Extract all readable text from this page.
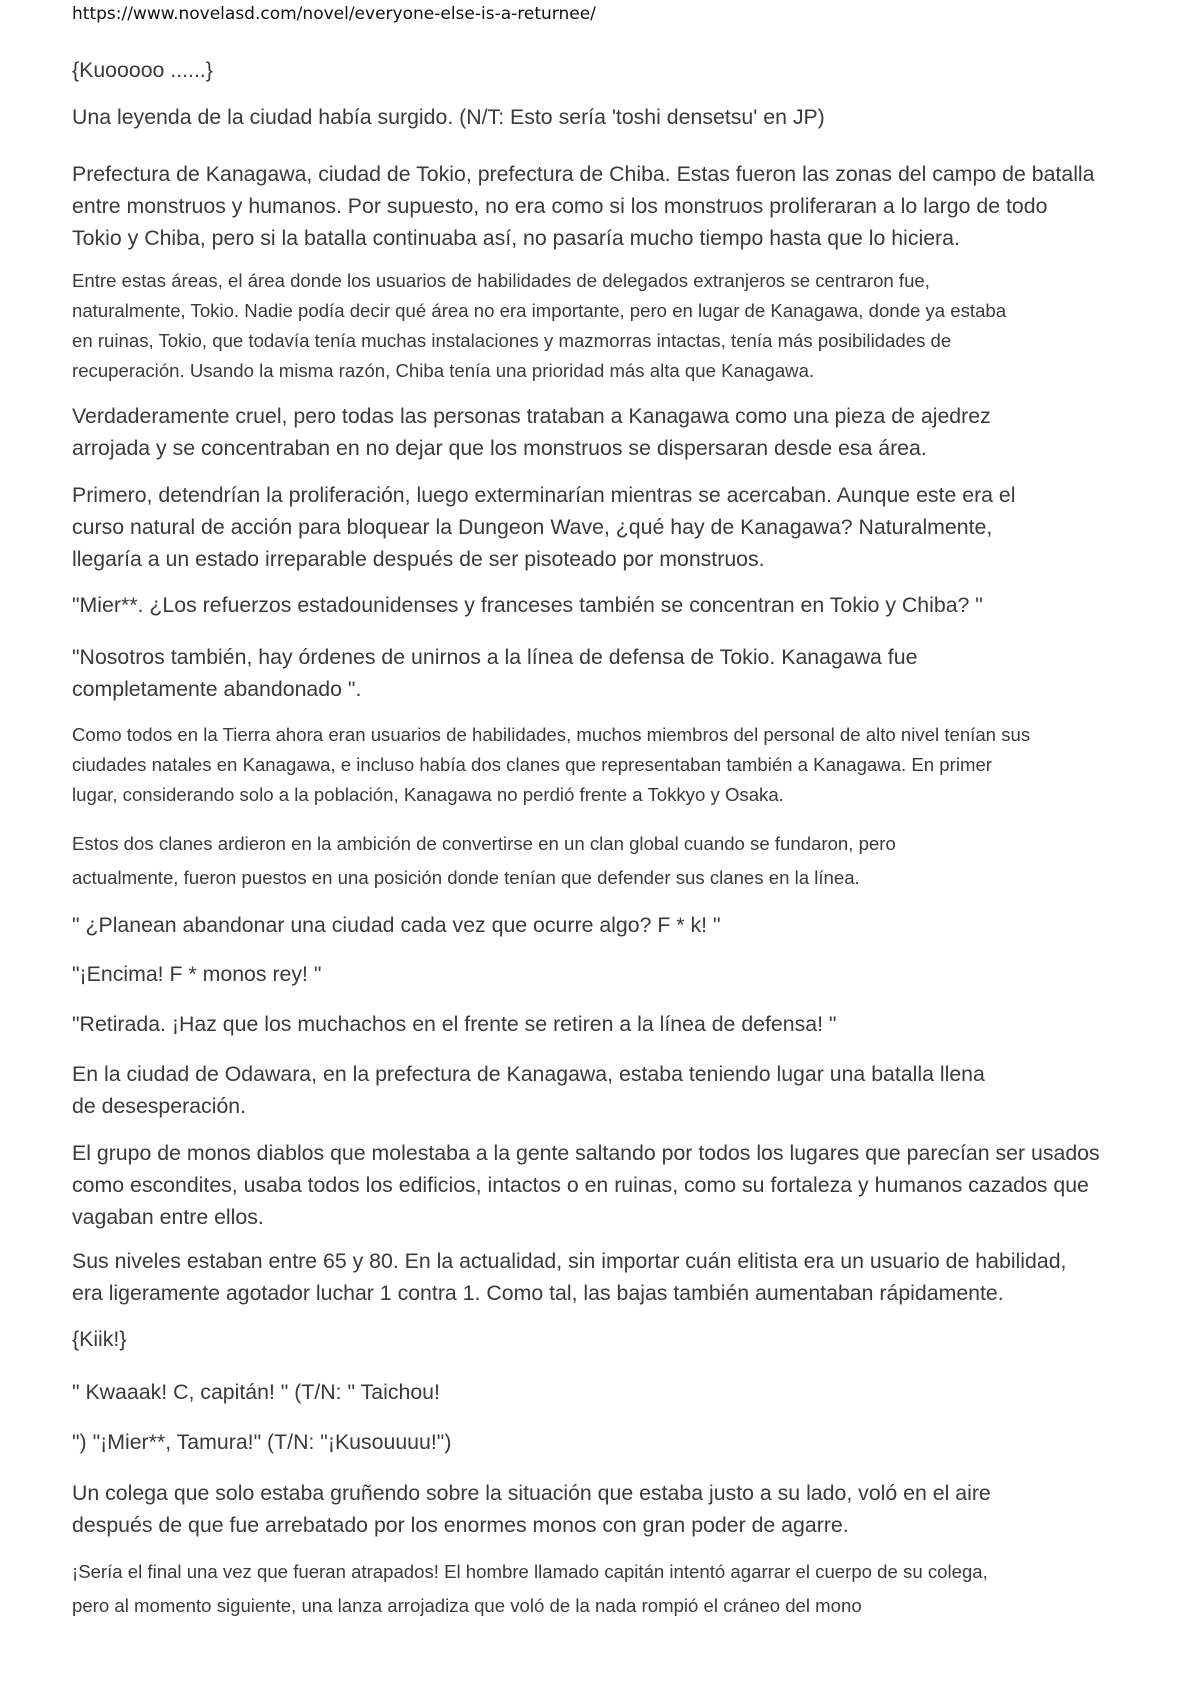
https://www.novelasd.com/novel/everyone-else-is-a-returnee/

{Kuooooo ......}

Una leyenda de la ciudad había surgido. (N/T: Esto sería 'toshi densetsu' en JP)

Prefectura de Kanagawa, ciudad de Tokio, prefectura de Chiba. Estas fueron las zonas del campo de batalla
entre monstruos y humanos. Por supuesto, no era como si los monstruos proliferaran a lo largo de todo
Tokio y Chiba, pero si la batalla continuaba así, no pasaría mucho tiempo hasta que lo hiciera.

Entre estas áreas, el área donde los usuarios de habilidades de delegados extranjeros se centraron fue,
naturalmente, Tokio. Nadie podía decir qué área no era importante, pero en lugar de Kanagawa, donde ya estaba
en ruinas, Tokio, que todavía tenía muchas instalaciones y mazmorras intactas, tenía más posibilidades de
recuperación. Usando la misma razón, Chiba tenía una prioridad más alta que Kanagawa.

Verdaderamente cruel, pero todas las personas trataban a Kanagawa como una pieza de ajedrez
arrojada y se concentraban en no dejar que los monstruos se dispersaran desde esa área.

Primero, detendrían la proliferación, luego exterminarían mientras se acercaban. Aunque este era el
curso natural de acción para bloquear la Dungeon Wave, ¿qué hay de Kanagawa? Naturalmente,
llegaría a un estado irreparable después de ser pisoteado por monstruos.

"Mier**. ¿Los refuerzos estadounidenses y franceses también se concentran en Tokio y Chiba? "

"Nosotros también, hay órdenes de unirnos a la línea de defensa de Tokio. Kanagawa fue
completamente abandonado ".

Como todos en la Tierra ahora eran usuarios de habilidades, muchos miembros del personal de alto nivel tenían sus
ciudades natales en Kanagawa, e incluso había dos clanes que representaban también a Kanagawa. En primer
lugar, considerando solo a la población, Kanagawa no perdió frente a Tokkyo y Osaka.

Estos dos clanes ardieron en la ambición de convertirse en un clan global cuando se fundaron, pero
actualmente, fueron puestos en una posición donde tenían que defender sus clanes en la línea.

" ¿Planean abandonar una ciudad cada vez que ocurre algo? F * k! "

"¡Encima! F * monos rey! "

"Retirada. ¡Haz que los muchachos en el frente se retiren a la línea de defensa! "

En la ciudad de Odawara, en la prefectura de Kanagawa, estaba teniendo lugar una batalla llena
de desesperación.

El grupo de monos diablos que molestaba a la gente saltando por todos los lugares que parecían ser usados
como escondites, usaba todos los edificios, intactos o en ruinas, como su fortaleza y humanos cazados que
vagaban entre ellos.

Sus niveles estaban entre 65 y 80. En la actualidad, sin importar cuán elitista era un usuario de habilidad,
era ligeramente agotador luchar 1 contra 1. Como tal, las bajas también aumentaban rápidamente.

{Kiik!}

" Kwaaak! C, capitán! " (T/N: " Taichou!

") "¡Mier**, Tamura!" (T/N: "¡Kusouuuu!")

Un colega que solo estaba gruñendo sobre la situación que estaba justo a su lado, voló en el aire
después de que fue arrebatado por los enormes monos con gran poder de agarre.

¡Sería el final una vez que fueran atrapados! El hombre llamado capitán intentó agarrar el cuerpo de su colega,
pero al momento siguiente, una lanza arrojadiza que voló de la nada rompió el cráneo del mono
